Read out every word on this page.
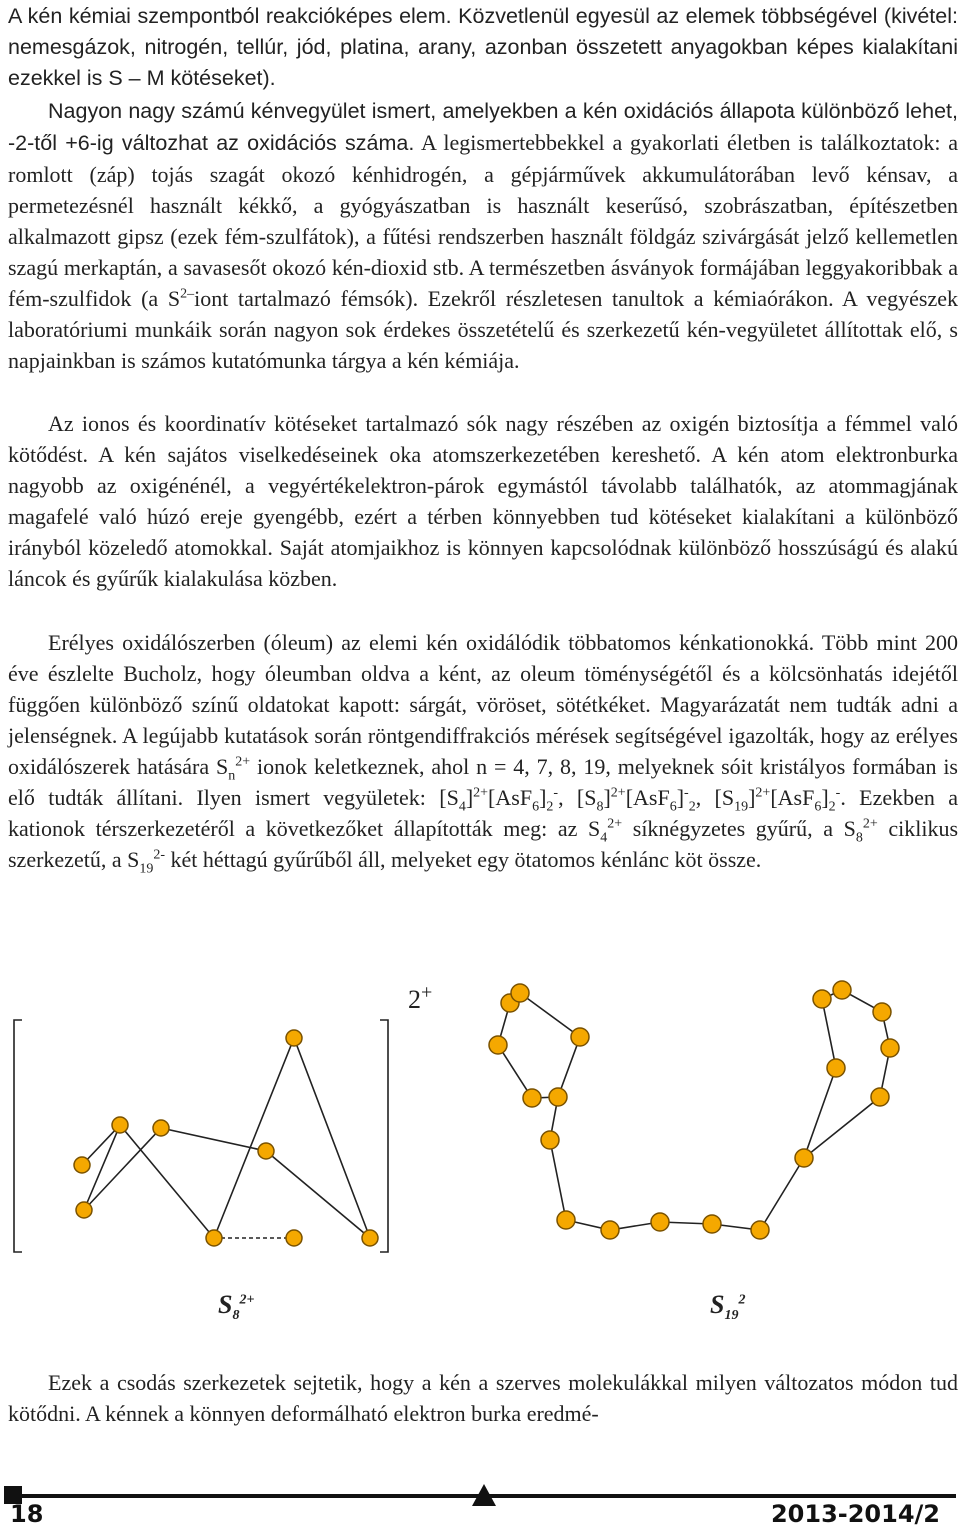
A kén kémiai szempontból reakcióképes elem. Közvetlenül egyesül az elemek többségével (kivétel: nemesgázok, nitrogén, tellúr, jód, platina, arany, azonban összetett anyagokban képes kialakítani ezekkel is S – M kötéseket).

Nagyon nagy számú kénvegyület ismert, amelyekben a kén oxidációs állapota különböző lehet, -2-től +6-ig változhat az oxidációs száma. A legismertebbekkel a gyakorlati életben is találkoztatok: a romlott (záp) tojás szagát okozó kénhidrogén, a gépjárművek akkumulátorában levő kénsav, a permetezésnél használt kékkő, a gyógyászatban is használt keserűsó, szobrászatban, építészetben alkalmazott gipsz (ezek fém-szulfátok), a fűtési rendszerben használt földgáz szivárgását jelző kellemetlen szagú merkaptán, a savasesőt okozó kén-dioxid stb. A természetben ásványok formájában leggyakoribbak a fém-szulfidok (a $S^{2-}iont$ tartalmazó fémsók). Ezekről részletesen tanultok a kémiaórákon. A vegyészek laboratóriumi munkáik során nagyon sok érdekes összetételű és szerkezetű kén-vegyületet állítottak elő, s napjainkban is számos kutatómunka tárgya a kén kémiája.

Az ionos és koordinatív kötéseket tartalmazó sók nagy részében az oxigén biztosítja a fémmel való kötődést. A kén sajátos viselkedéseinek oka atomszerkezetében kereshető. A kén atom elektronburka nagyobb az oxigénénél, a vegyértékelektron-párok egymástól távolabb találhatók, az atommagjának magafelé való húzó ereje gyengébb, ezért a térben könnyebben tud kötéseket kialakítani a különböző irányból közeledő atomokkal. Saját atomjaikhoz is könnyen kapcsolódnak különböző hosszúságú és alakú láncok és gyűrűk kialakulása közben.

Erélyes oxidálószerben (óleum) az elemi kén oxidálódik többatomos kénkationokká. Több mint 200 éve észlelte Bucholz, hogy óleumban oldva a ként, az oleum töménységétől és a kölcsönhatás idejétől függően különböző színű oldatokat kapott: sárgát, vöröset, sötétkéket. Magyarázatát nem tudták adni a jelenségnek. A legújabb kutatások során röntgendiffrakciós mérések segítségével igazolták, hogy az erélyes oxidálószerek hatására $S_n^{2+}$ ionok keletkeznek, ahol n = 4, 7, 8, 19, melyeknek sóit kristályos formában is elő tudták állítani. Ilyen ismert vegyületek: $[S_4]^{2+}[AsF_6]_2^-$, $[S_8]^{2+}[AsF_6]^-_2$, $[S_{19}]^{2+}[AsF_6]_2^-$. Ezekben a kationok térszerkezetéről a következőket állapították meg: az $S_4^{2+}$ síknégyzetes gyűrű, a $S_8^{2+}$ ciklikus szerkezetű, a $S_{19}^{2-}$ két héttagú gyűrűből áll, melyeket egy ötatomos kénlánc köt össze.

2+
$S_8^{2+}$	$S_{19}^2$

Ezek a csodás szerkezetek sejtetik, hogy a kén a szerves molekulákkal milyen változatos módon tud kötődni. A kénnek a könnyen deformálható elektron burka eredmé-

18	2013-2014/2
